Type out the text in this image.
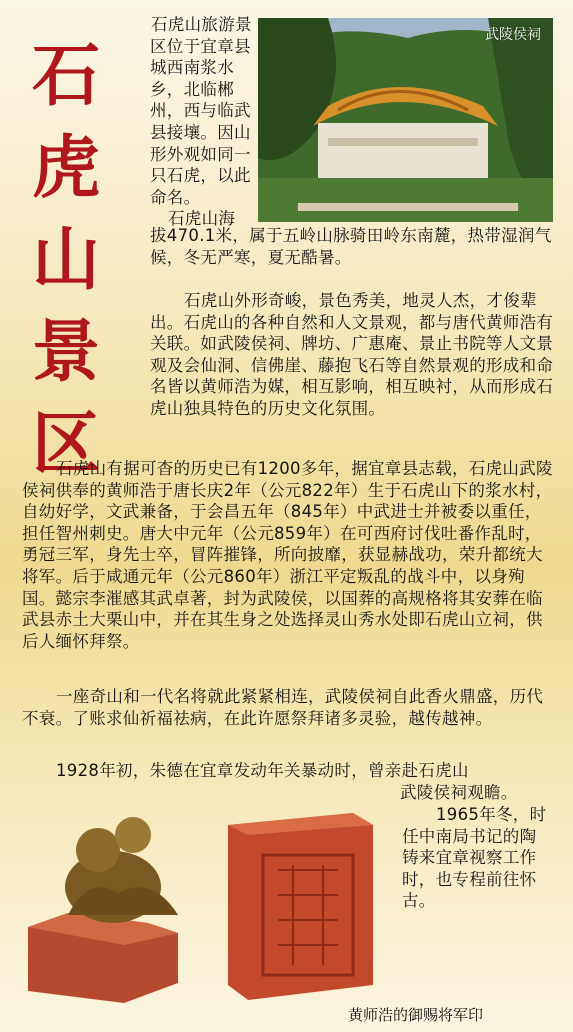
石
虎
山
景
区
石虎山旅游景区位于宜章县城西南浆水乡，北临郴州，西与临武县接壤。因山形外观如同一只石虎，以此命名。
石虎山海
武陵侯祠
拔470.1米，属于五岭山脉骑田岭东南麓，热带湿润气候，冬无严寒，夏无酷暑。
石虎山外形奇峻，景色秀美，地灵人杰，才俊辈出。石虎山的各种自然和人文景观，都与唐代黄师浩有关联。如武陵侯祠、牌坊、广惠庵、景止书院等人文景观及会仙洞、信佛崖、藤抱飞石等自然景观的形成和命名皆以黄师浩为媒，相互影响，相互映衬，从而形成石虎山独具特色的历史文化氛围。
石虎山有据可杳的历史已有1200多年，据宜章县志载，石虎山武陵侯祠供奉的黄师浩于唐长庆2年（公元822年）生于石虎山下的浆水村，自幼好学，文武兼备，于会昌五年（845年）中武进士并被委以重任，担任智州刺史。唐大中元年（公元859年）在可西府讨伐吐番作乱时，勇冠三军，身先士卒，冒阵摧锋，所向披靡，获显赫战功，荣升都统大将军。后于咸通元年（公元860年）浙江平定叛乱的战斗中，以身殉国。懿宗李漼感其武卓著，封为武陵侯，以国葬的高规格将其安葬在临武县赤土大栗山中，并在其生身之处选择灵山秀水处即石虎山立祠，供后人缅怀拜祭。
一座奇山和一代名将就此紧紧相连，武陵侯祠自此香火鼎盛，历代不衰。了账求仙祈福祛病，在此许愿祭拜诸多灵验，越传越神。
1928年初，朱德在宜章发动年关暴动时，曾亲赴石虎山
武陵侯祠观瞻。
1965年冬，时任中南局书记的陶铸来宜章视察工作时，也专程前往怀古。
黄师浩的御赐将军印
